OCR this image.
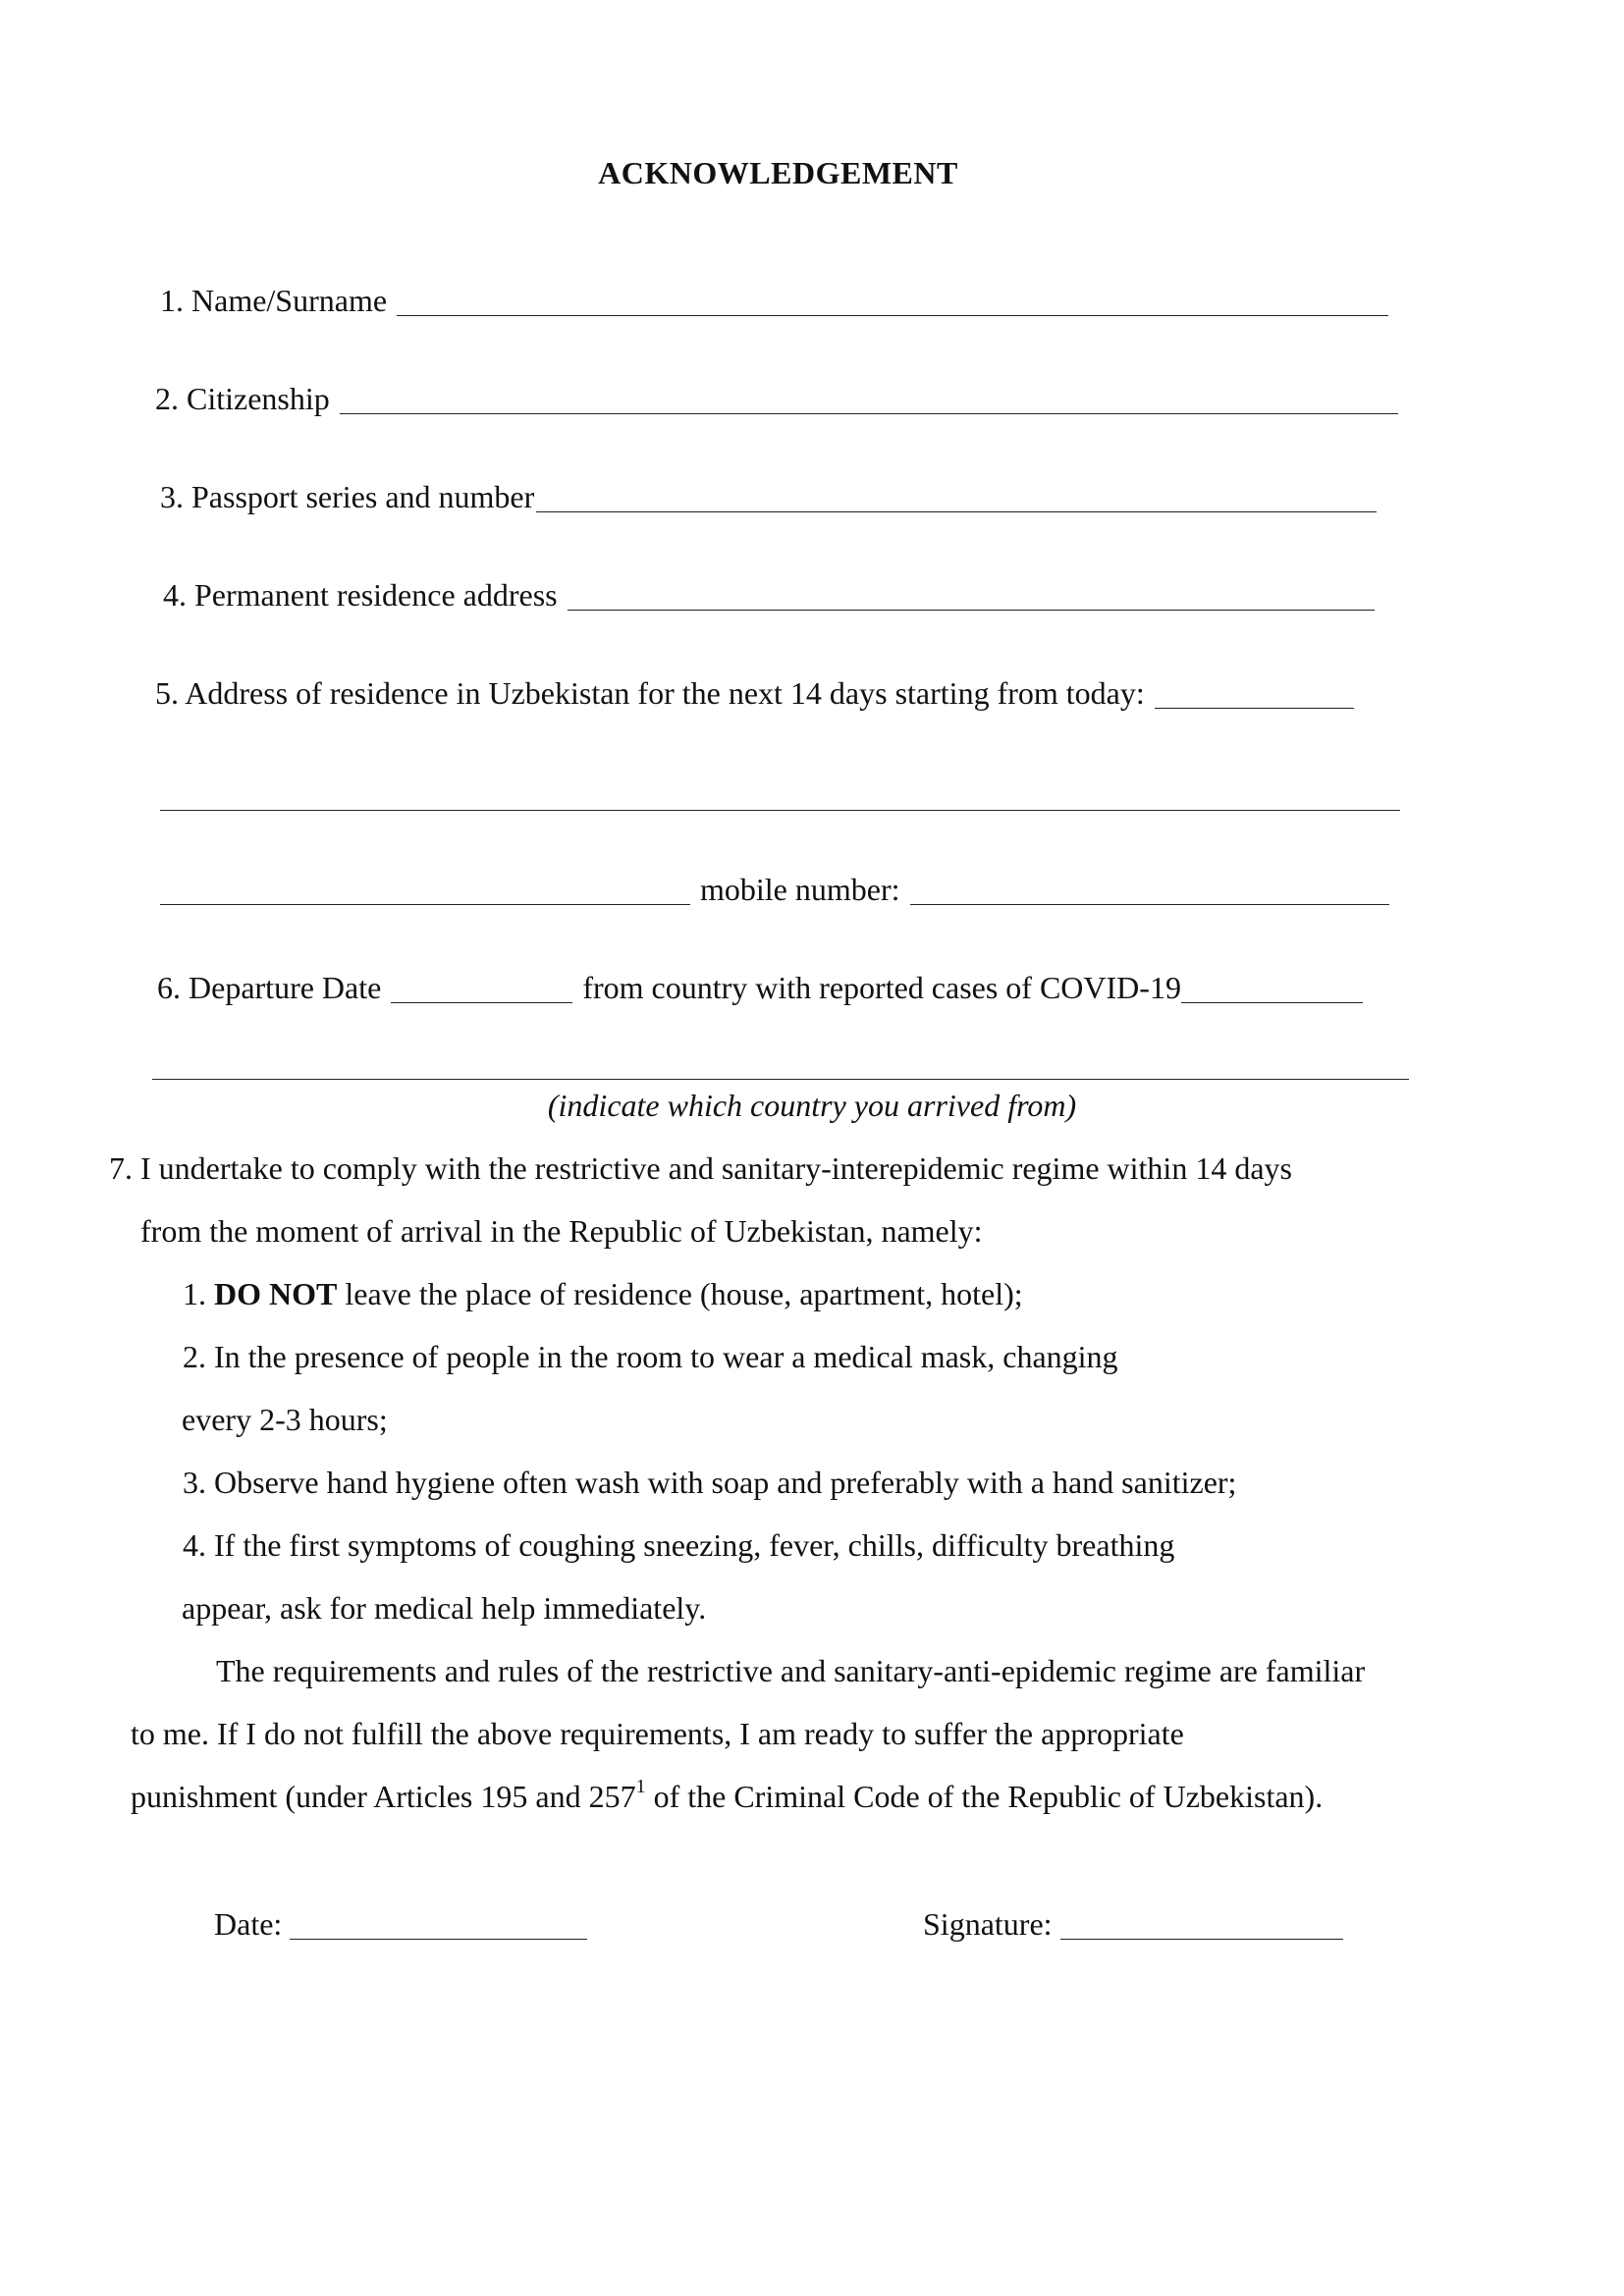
ACKNOWLEDGEMENT
1. Name/Surname
2. Citizenship
3. Passport series and number
4. Permanent residence address
5. Address of residence in Uzbekistan for the next 14 days starting from today:
mobile number:
6. Departure Date	from country with reported cases of COVID-19
(indicate which country you arrived from)
7. I undertake to comply with the restrictive and sanitary-interepidemic regime within 14 days
from the moment of arrival in the Republic of Uzbekistan, namely:
1. DO NOT leave the place of residence (house, apartment, hotel);
2. In the presence of people in the room to wear a medical mask, changing
every 2-3 hours;
3. Observe hand hygiene often wash with soap and preferably with a hand sanitizer;
4. If the first symptoms of coughing sneezing, fever, chills, difficulty breathing
appear, ask for medical help immediately.
The requirements and rules of the restrictive and sanitary-anti-epidemic regime are familiar
to me. If I do not fulfill the above requirements, I am ready to suffer the appropriate
punishment (under Articles 195 and $257^1$ of the Criminal Code of the Republic of Uzbekistan).
Date:	Signature:
